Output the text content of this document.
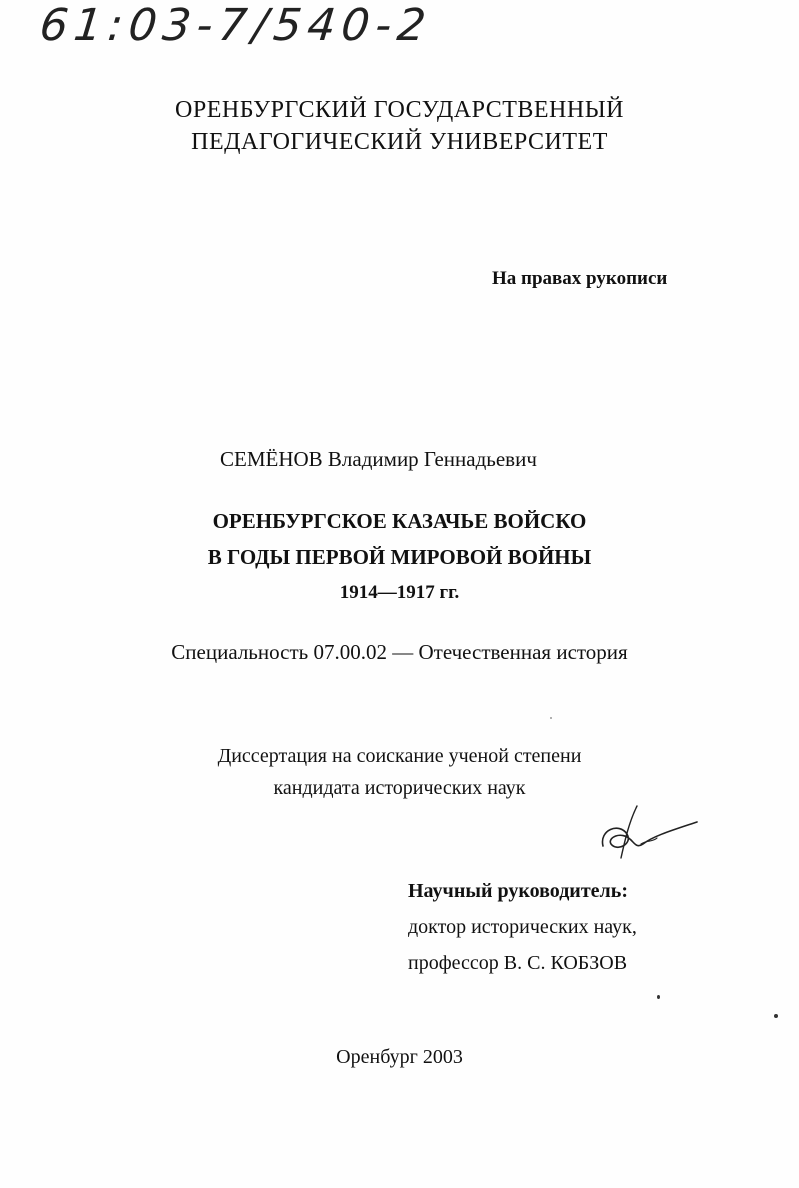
61:03-7/540-2
ОРЕНБУРГСКИЙ ГОСУДАРСТВЕННЫЙ
ПЕДАГОГИЧЕСКИЙ УНИВЕРСИТЕТ
На правах рукописи
СЕМЁНОВ Владимир Геннадьевич
ОРЕНБУРГСКОЕ КАЗАЧЬЕ ВОЙСКО
В ГОДЫ ПЕРВОЙ МИРОВОЙ ВОЙНЫ
1914—1917 гг.
Специальность 07.00.02 — Отечественная история
Диссертация на соискание ученой степени
кандидата исторических наук
Научный руководитель:
доктор исторических наук,
профессор В. С. КОБЗОВ
Оренбург 2003
